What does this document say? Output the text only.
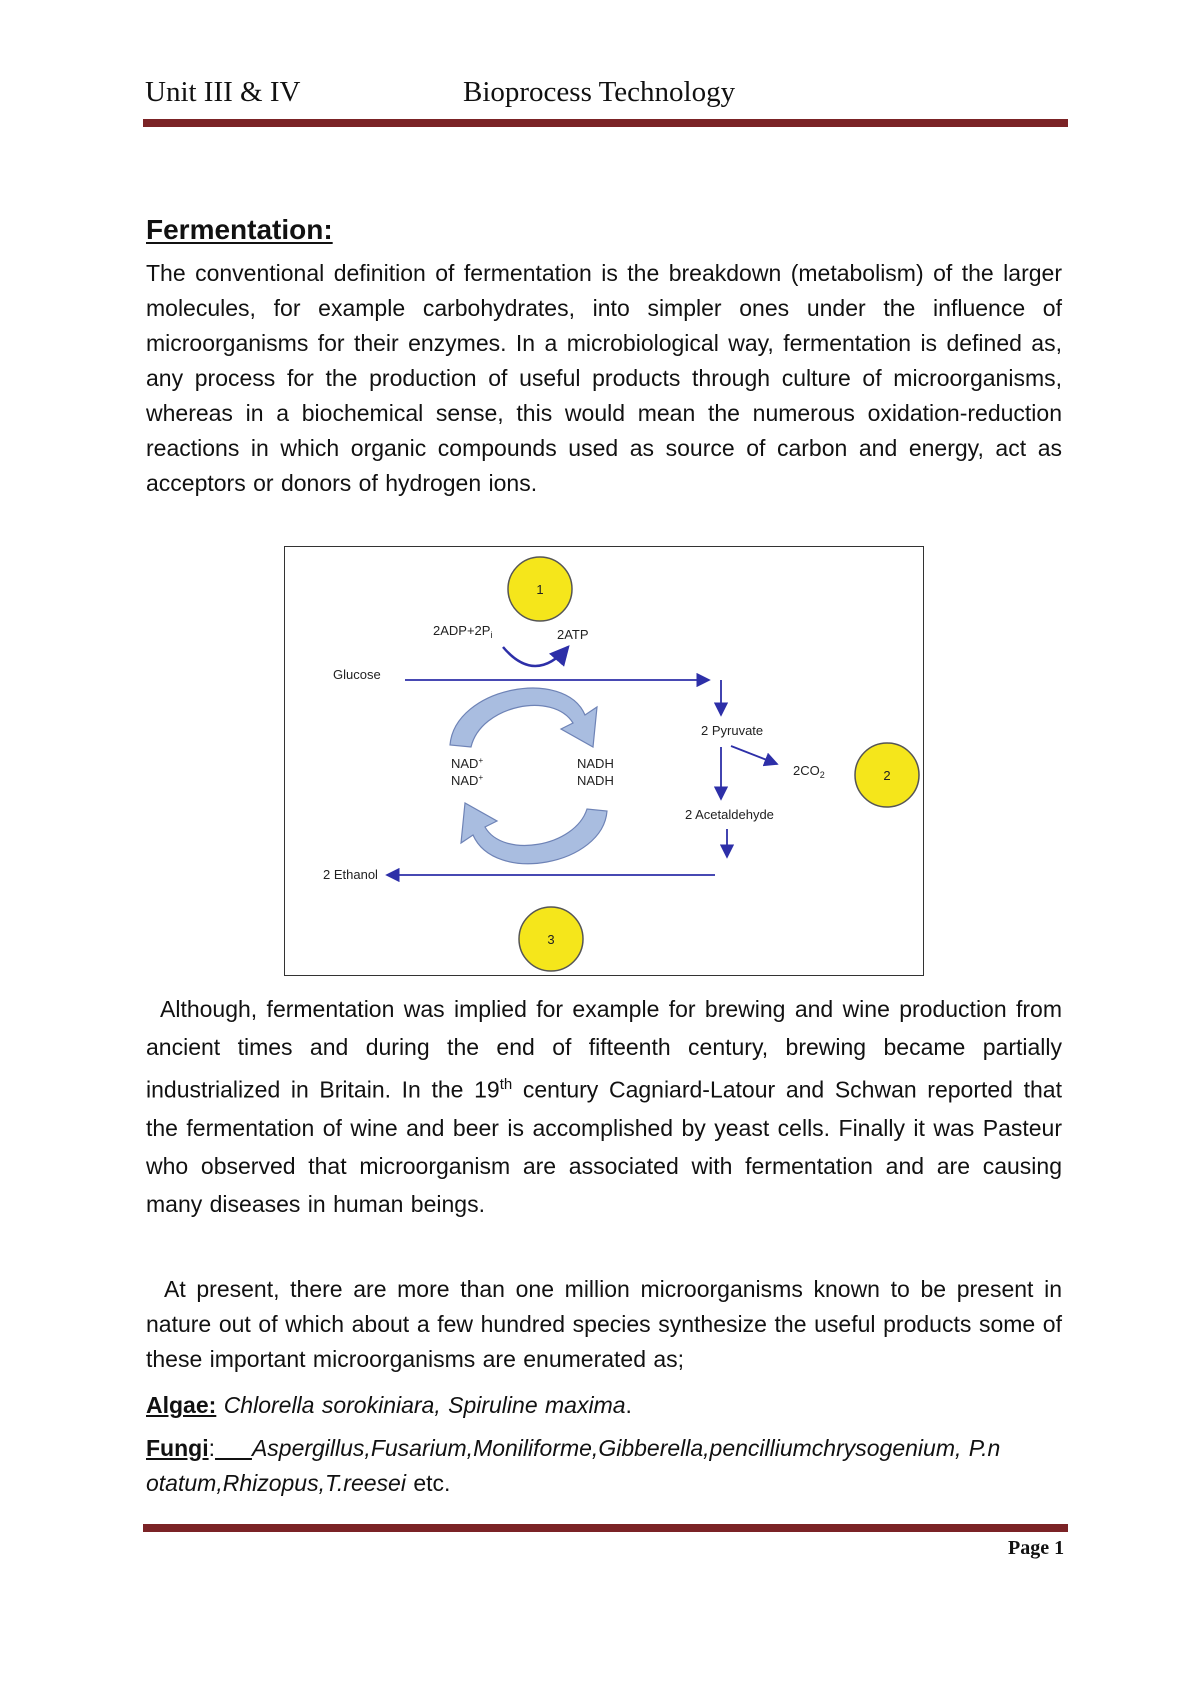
Unit III & IV	Bioprocess Technology
Fermentation:
The conventional definition of fermentation is the breakdown (metabolism) of the larger molecules, for example carbohydrates, into simpler ones under the influence of microorganisms for their enzymes. In a microbiological way, fermentation is defined as, any process for the production of useful products through culture of microorganisms, whereas in a biochemical sense, this would mean the numerous oxidation-reduction reactions in which organic compounds used as source of carbon and energy, act as acceptors or donors of hydrogen ions.
1
2
3
$2ADP+2P_i$	2ATP
Glucose
2 Pyruvate
$2CO_2$
2 Acetaldehyde
2 Ethanol
NAD+
NAD+
NADH
NADH
Although, fermentation was implied for example for brewing and wine production from ancient times and during the end of fifteenth century, brewing became partially industrialized in Britain. In the 19th century Cagniard-Latour and Schwan reported that the fermentation of wine and beer is accomplished by yeast cells. Finally it was Pasteur who observed that microorganism are associated with fermentation and are causing many diseases in human beings.
At present, there are more than one million microorganisms known to be present in nature out of which about a few hundred species synthesize the useful products some of these important microorganisms are enumerated as;
Algae: Chlorella sorokiniara, Spiruline maxima.
Fungi: Aspergillus,Fusarium,Moniliforme,Gibberella,pencilliumchrysogenium, P.n otatum,Rhizopus,T.reesei etc.
Page 1
